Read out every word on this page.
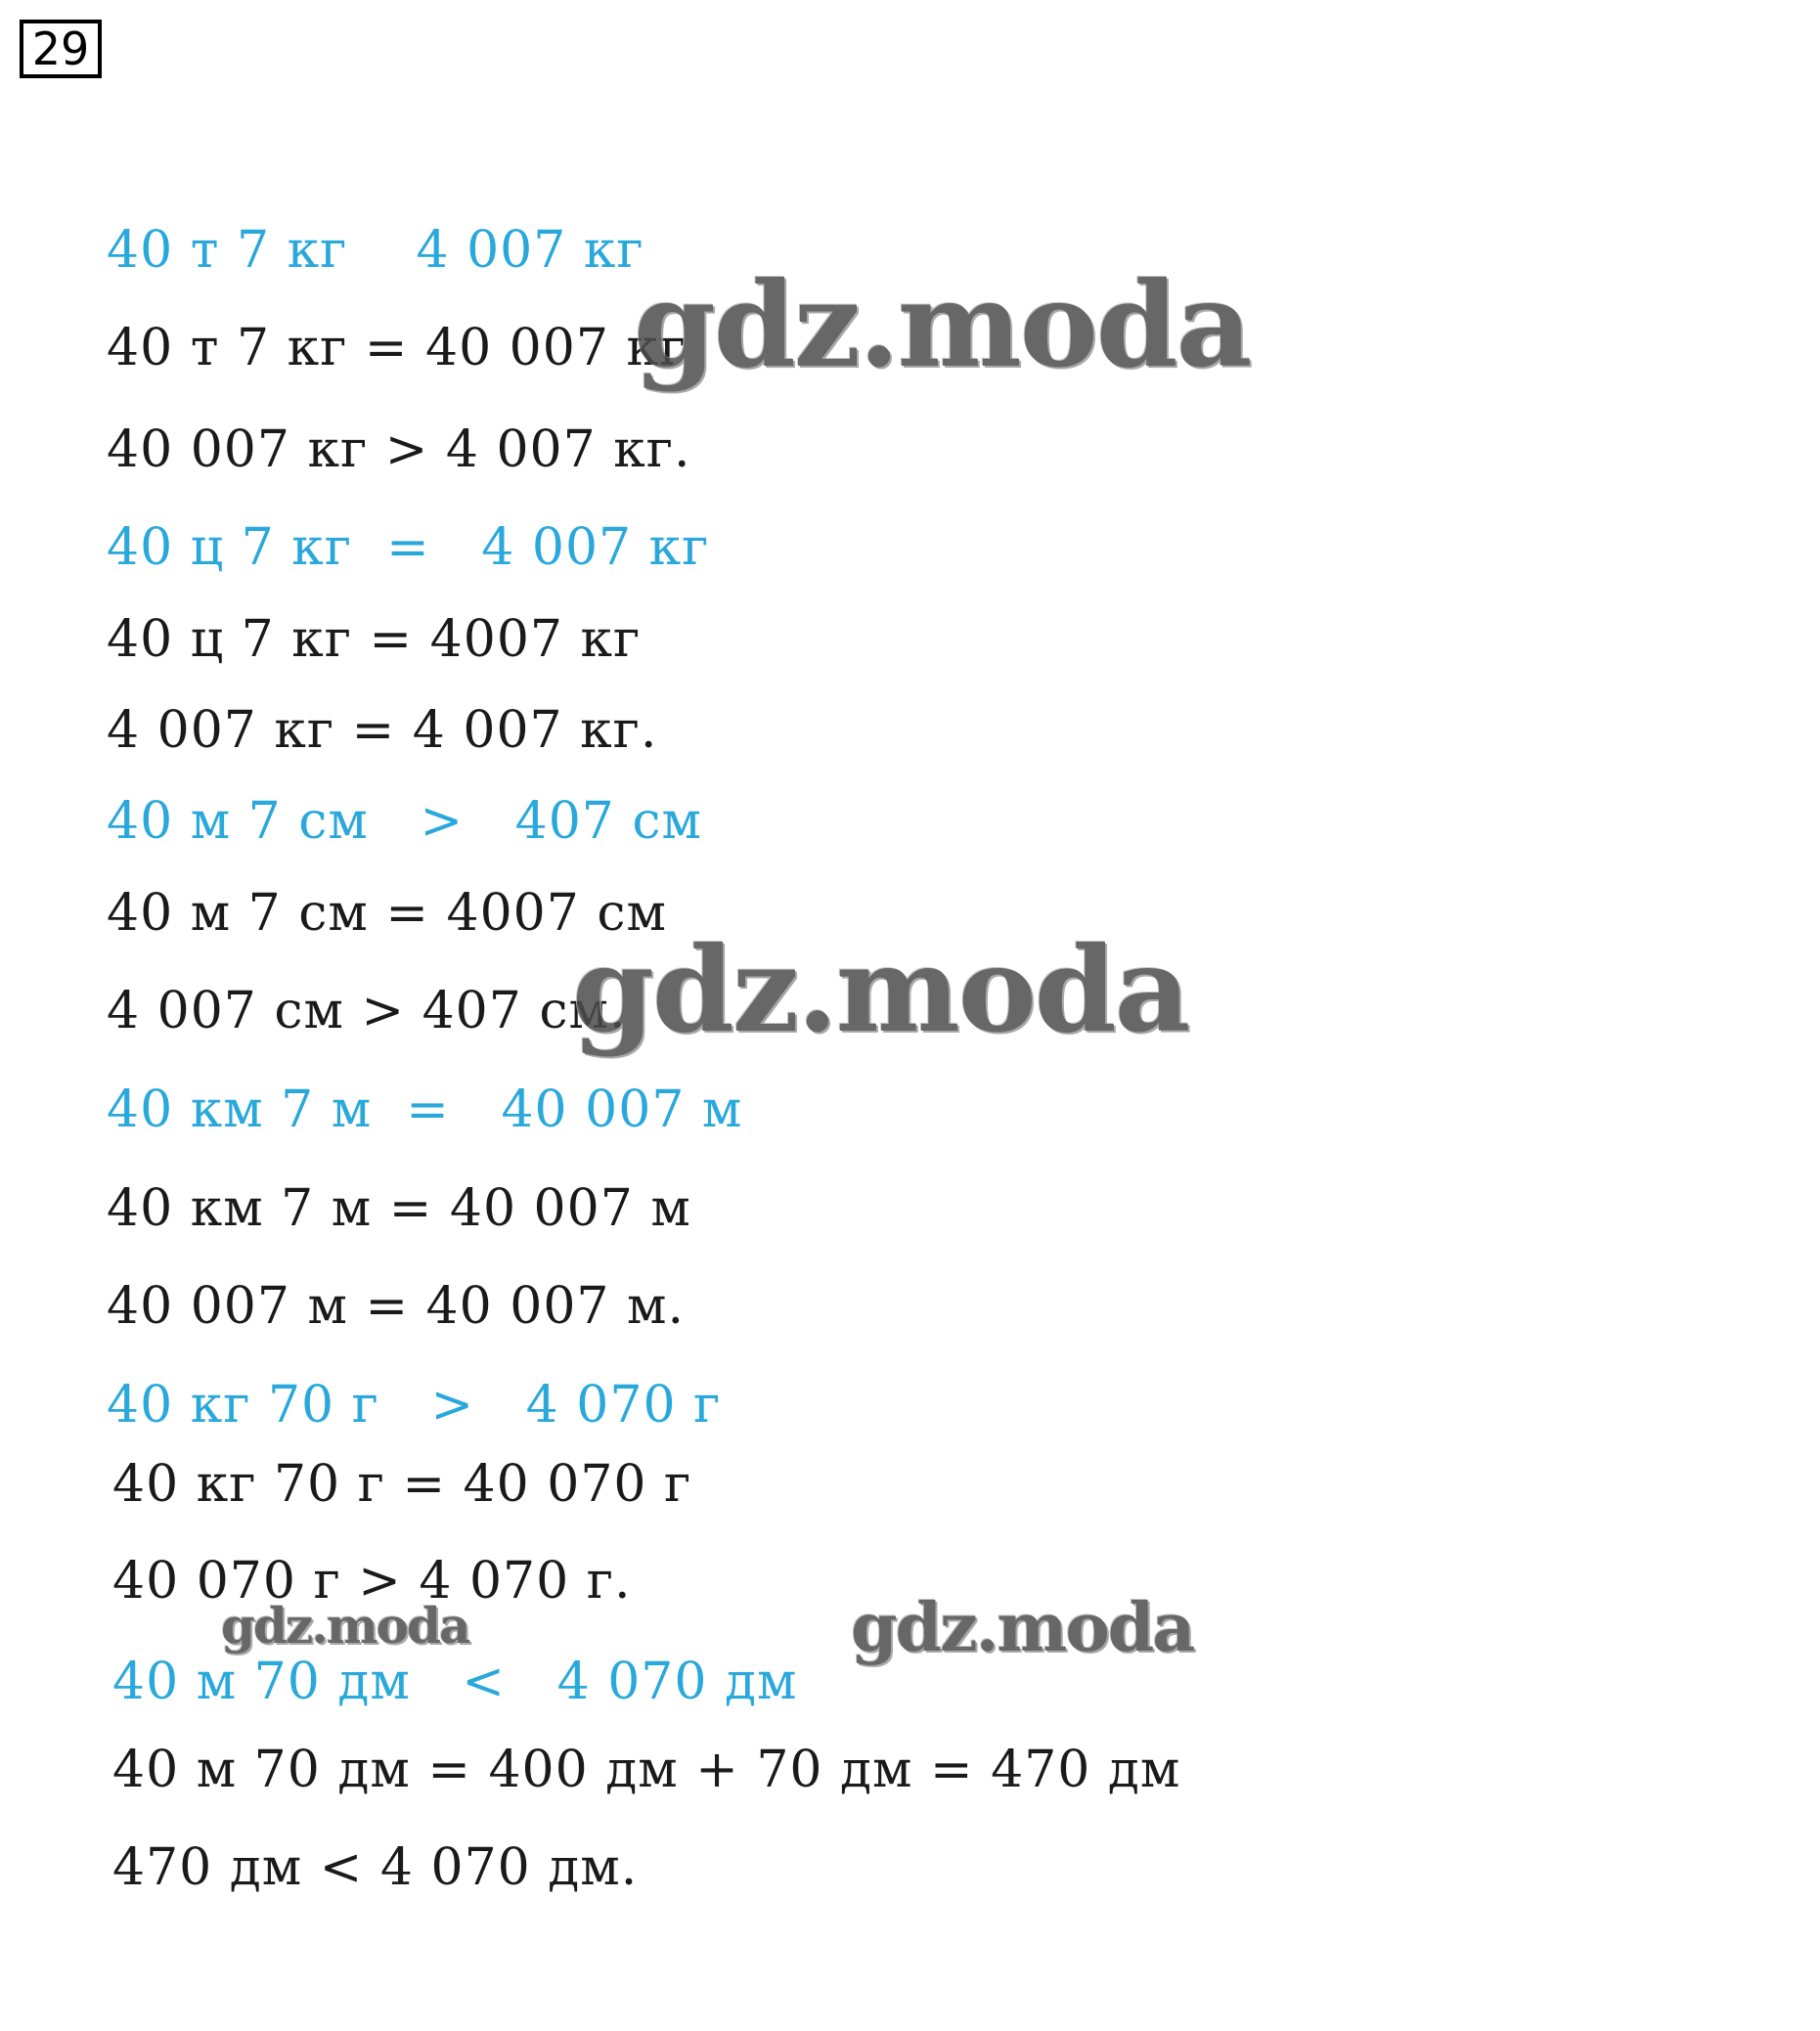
29
40 т 7 кг    4 007 кг
40 т 7 кг = 40 007 кг
40 007 кг > 4 007 кг.
40 ц 7 кг  =   4 007 кг
40 ц 7 кг = 4007 кг
4 007 кг = 4 007 кг.
40 м 7 см   >   407 см
40 м 7 см = 4007 см
4 007 см > 407 см.
40 км 7 м  =   40 007 м
40 км 7 м = 40 007 м
40 007 м = 40 007 м.
40 кг 70 г   >   4 070 г
40 кг 70 г = 40 070 г
40 070 г > 4 070 г.
40 м 70 дм   <   4 070 дм
40 м 70 дм = 400 дм + 70 дм = 470 дм
470 дм < 4 070 дм.
gdz.moda
gdz.moda
gdz.moda
gdz.moda
